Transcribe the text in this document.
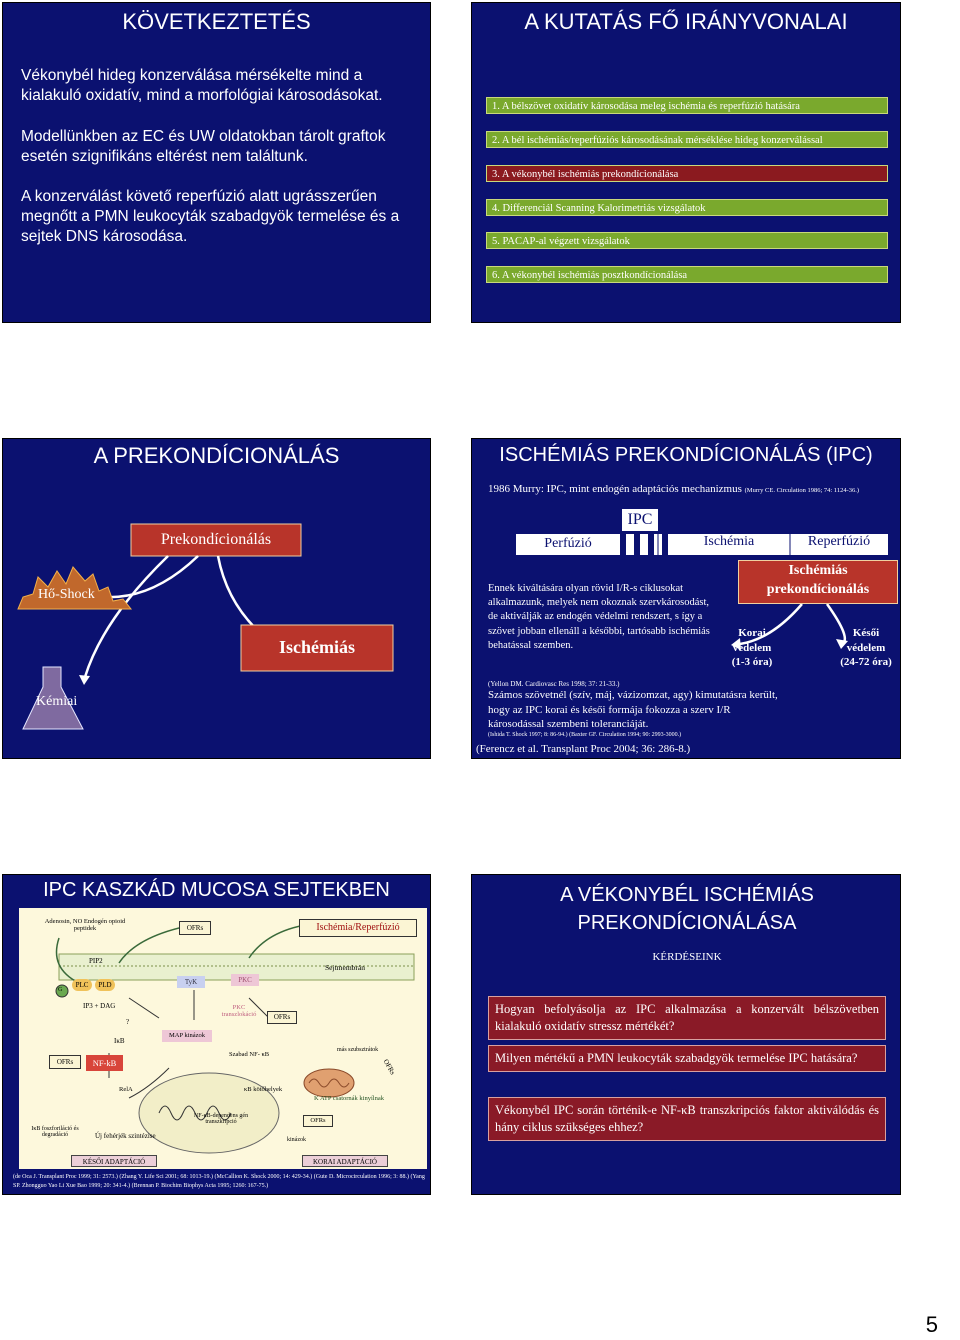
KÖVETKEZTETÉS
Vékonybél hideg konzerválása mérsékelte mind a kialakuló oxidatív, mind a morfológiai károsodásokat.
Modellünkben az EC és UW oldatokban tárolt graftok esetén szignifikáns eltérést nem találtunk.
A konzerválást követő reperfúzió alatt ugrásszerűen megnőtt a PMN leukocyták szabadgyök termelése és a sejtek DNS károsodása.
A KUTATÁS FŐ IRÁNYVONALAI
1. A bélszövet oxidatív károsodása meleg ischémia és reperfúzió hatására
2. A bél ischémiás/reperfúziós károsodásának mérséklése hideg konzerválással
3. A vékonybél ischémiás prekondícionálása
4. Differenciál Scanning Kalorimetriás vizsgálatok
5. PACAP-al végzett vizsgálatok
6. A vékonybél ischémiás posztkondícionálása
A PREKONDÍCIONÁLÁS
Prekondícionálás
Hő-Shock
Ischémiás
Kémiai
ISCHÉMIÁS PREKONDÍCIONÁLÁS (IPC)
1986 Murry: IPC, mint endogén adaptációs mechanizmus (Murry CE. Circulation 1986; 74: 1124-36.)
IPC
Perfúzió	Ischémia	Reperfúzió
Ennek kiváltására olyan rövid I/R-s ciklusokat alkalmazunk, melyek nem okoznak szervkárosodást, de aktiválják az endogén védelmi rendszert, s így a szövet jobban ellenáll a későbbi, tartósabb ischémiás behatással szemben.
(Yellon DM. Cardiovasc Res 1998; 37: 21-33.)
Ischémiás
prekondícionálás
Korai
védelem
(1-3 óra)
Késői
védelem
(24-72 óra)
Számos szövetnél (szív, máj, vázizomzat, agy) kimutatásra került, hogy az IPC korai és késői formája fokozza a szerv I/R károsodással szembeni toleranciáját.
(Ishida T. Shock 1997; 8: 86-94.) (Baxter GF. Circulation 1994; 90: 2993-3000.)
(Ferencz et al. Transplant Proc 2004; 36: 286-8.)
IPC KASZKÁD MUCOSA SEJTEKBEN
Adenosin, NO Endogén opioid peptidek	OFRs	Ischémia/Reperfúzió
PIP2
Sejtmembrán
PLC	PLD
G
TyK	PKC
IP3 + DAG
?
PKC transzlokáció	OFRs
IκB
MAP kinázok
más szubsztrátok
OFRs	NF-kB
Szabad NF- κB
RelA	κB kötőhelyek
K ATP csatornák kinyílnak
OFRs
NF-κB-dependens gén transzkripció	OFRs
kinázok
IκB foszforiláció és degradáció	Új fehérjék szintézise
KÉSŐI ADAPTÁCIÓ	KORAI ADAPTÁCIÓ
(de Oca J. Transplant Proc 1999; 31: 2573.) (Zhang Y. Life Sci 2001; 68: 1013-19.) (McCallion K. Shock 2000; 14: 429-34.) (Gute D. Microcirculation 1996; 3: 88.) (Yang SP. Zhongguo Yao Li Xue Bao 1999; 20: 341-4.) (Brennan P. Biochim Biophys Acta 1995; 1260: 167-75.)
A VÉKONYBÉL ISCHÉMIÁS PREKONDÍCIONÁLÁSA
KÉRDÉSEINK
Hogyan befolyásolja az IPC alkalmazása a konzervált bélszövetben kialakuló oxidatív stressz mértékét?
Milyen mértékű a PMN leukocyták szabadgyök termelése IPC hatására?
Vékonybél IPC során történik-e NF-κB transzkripciós faktor aktiválódás és hány ciklus szükséges ehhez?
5
